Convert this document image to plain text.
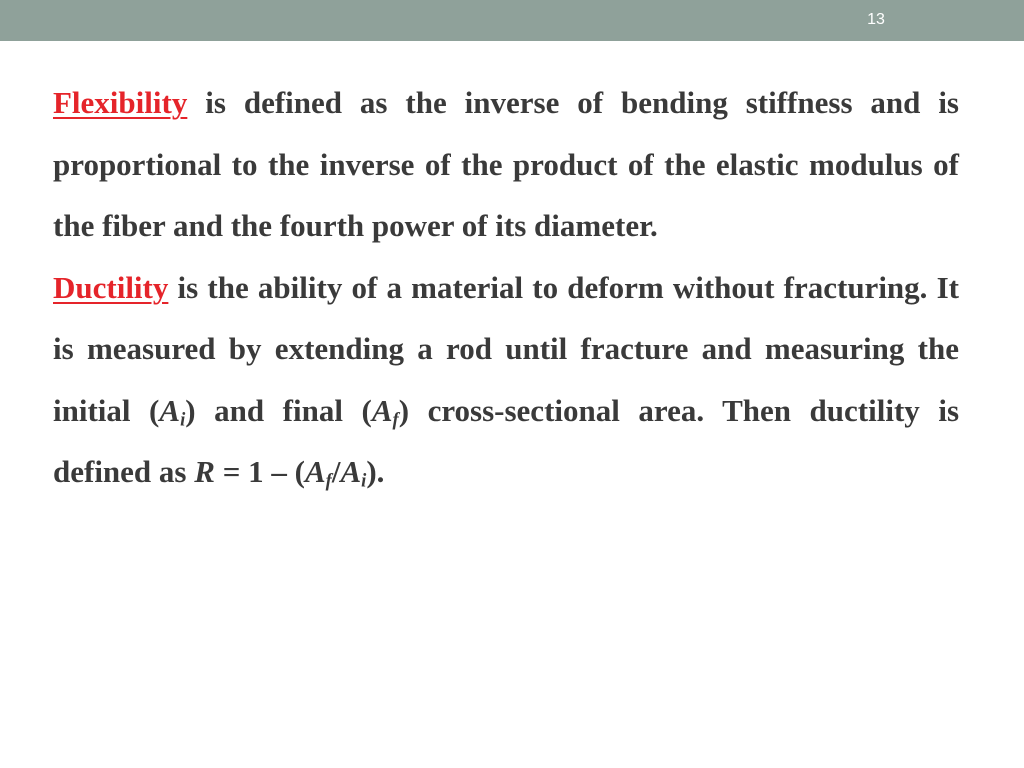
13

Flexibility is defined as the inverse of bending stiffness and is proportional to the inverse of the product of the elastic modulus of the fiber and the fourth power of its diameter.

Ductility is the ability of a material to deform without fracturing. It is measured by extending a rod until fracture and measuring the initial $(A_i)$ and final $(A_f)$ cross-sectional area. Then ductility is defined as $R = 1 - (A_f/A_i)$.
